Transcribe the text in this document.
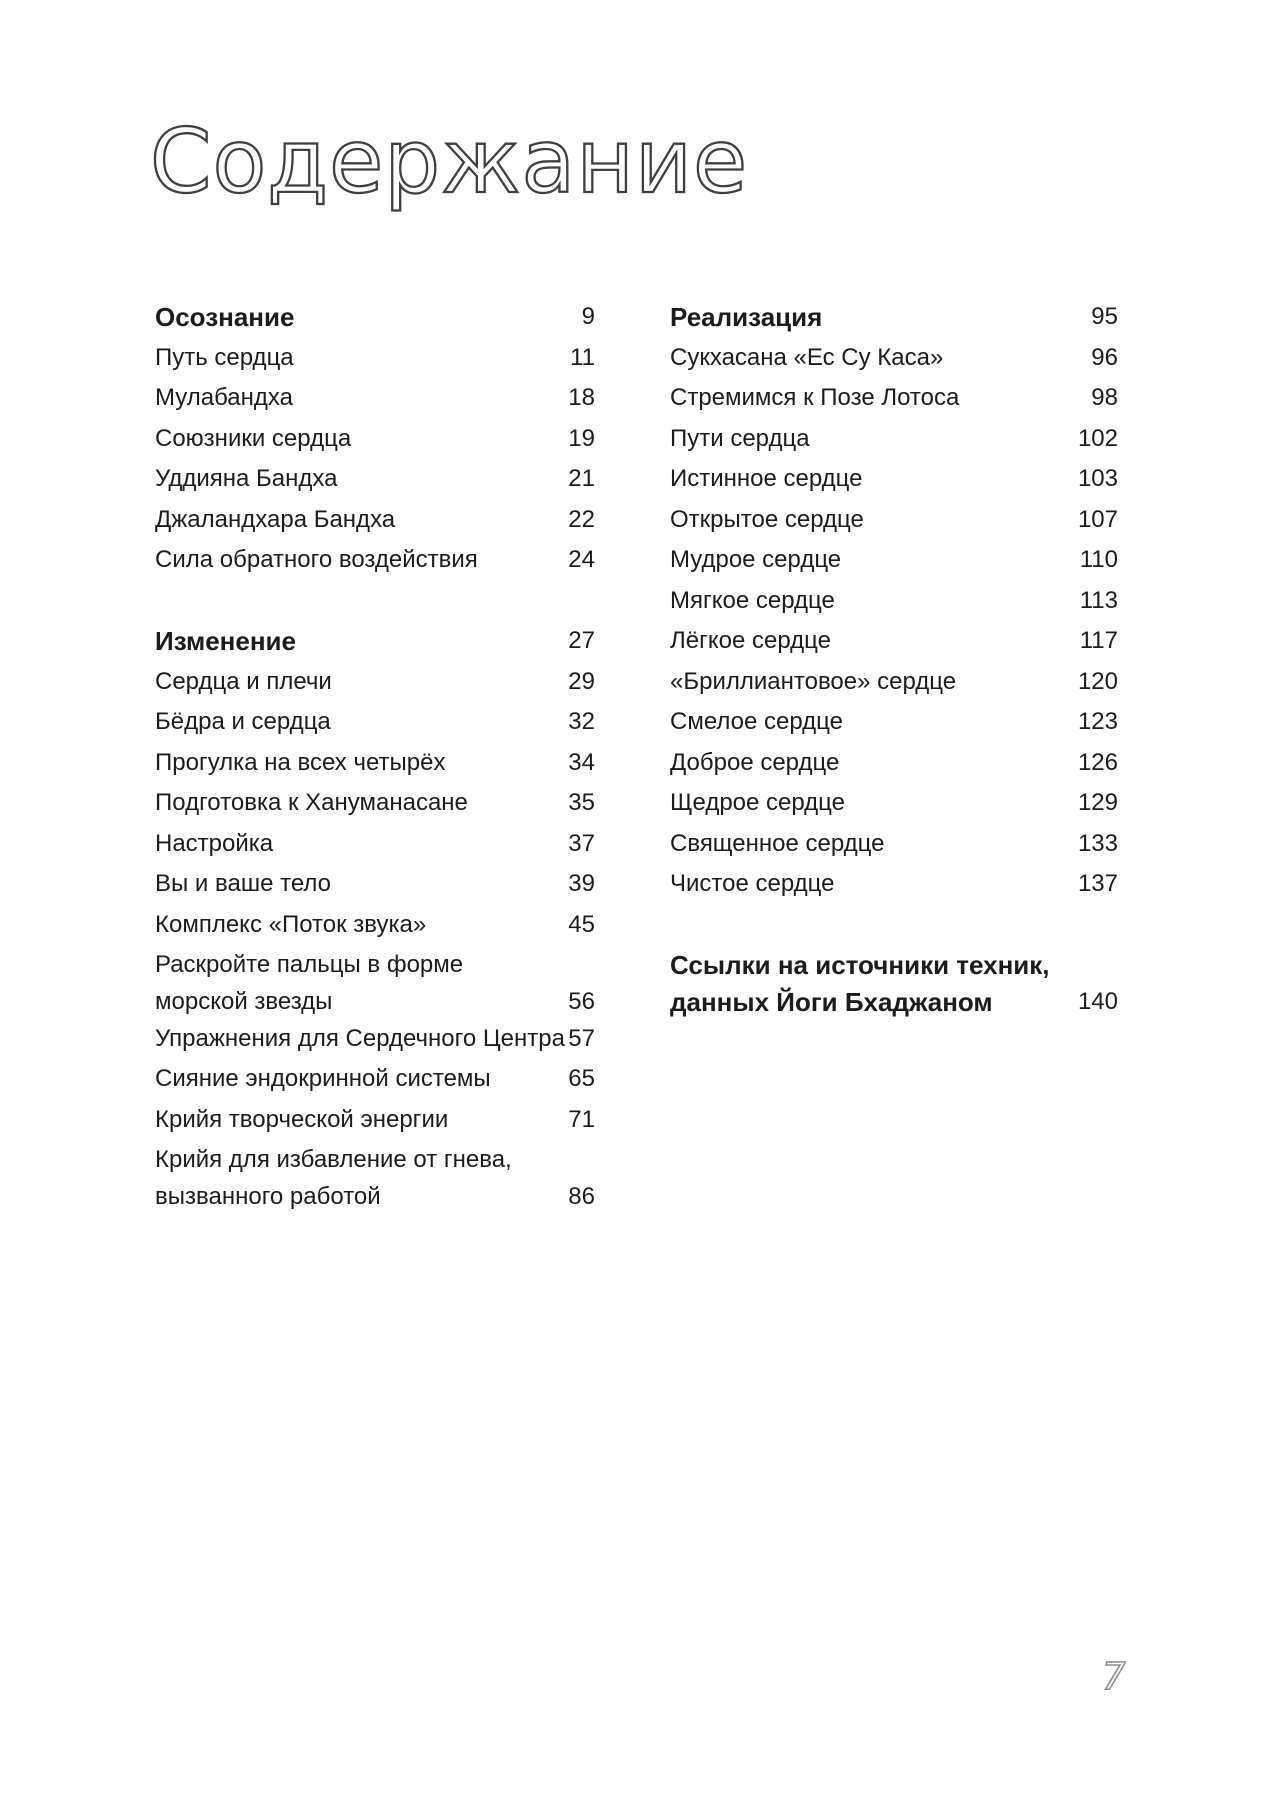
Содержание
Осознание	9
Путь сердца	11
Мулабандха	18
Союзники сердца	19
Уддияна Бандха	21
Джаландхара Бандха	22
Сила обратного воздействия	24
Изменение	27
Сердца и плечи	29
Бёдра и сердца	32
Прогулка на всех четырёх	34
Подготовка к Хануманасане	35
Настройка	37
Вы и ваше тело	39
Комплекс «Поток звука»	45
Раскройте пальцы в форме
морской звезды	56
Упражнения для Сердечного Центра 57
Сияние эндокринной системы	65
Крийя творческой энергии	71
Крийя для избавление от гнева,
вызванного работой	86
Реализация	95
Сукхасана «Ес Су Каса»	96
Стремимся к Позе Лотоса	98
Пути сердца	102
Истинное сердце	103
Открытое сердце	107
Мудрое сердце	110
Мягкое сердце	113
Лёгкое сердце	117
«Бриллиантовое» сердце	120
Смелое сердце	123
Доброе сердце	126
Щедрое сердце	129
Священное сердце	133
Чистое сердце	137
Ссылки на источники техник,
данных Йоги Бхаджаном	140
7
